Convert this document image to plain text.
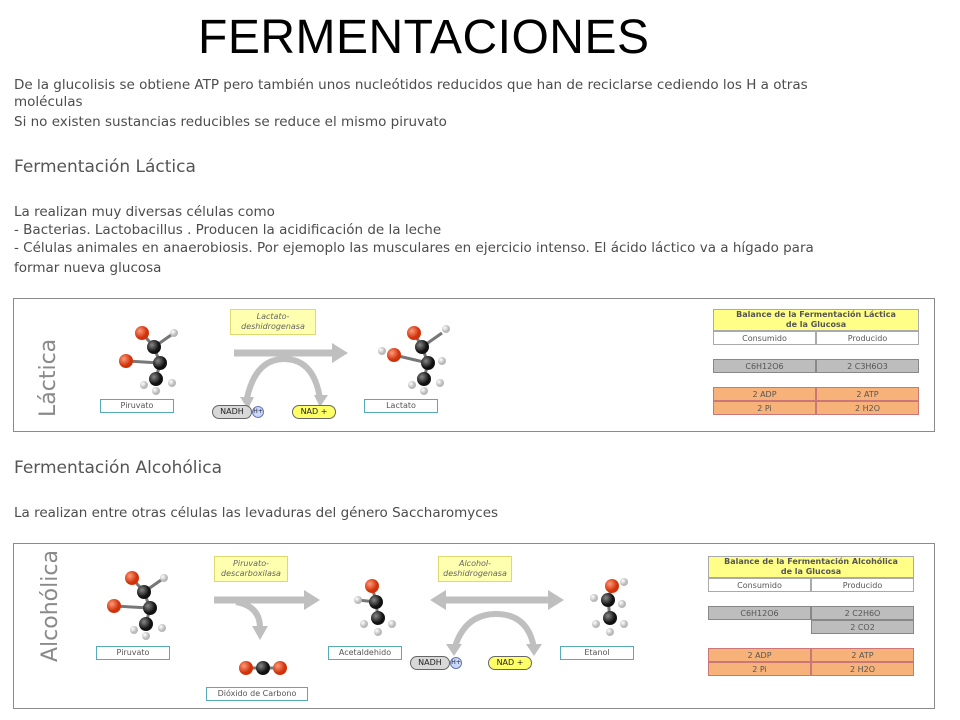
FERMENTACIONES
De la glucolisis se obtiene ATP pero también unos nucleótidos reducidos que han de reciclarse cediendo los H a otras
moléculas
Si no existen sustancias reducibles se reduce el mismo piruvato
Fermentación Láctica
La realizan muy diversas células como
- Bacterias. Lactobacillus . Producen la acidificación de la leche
- Células animales en anaerobiosis. Por ejemoplo las musculares en ejercicio intenso. El ácido láctico va a hígado para
formar nueva glucosa
Láctica
Lactato-
deshidrogenasa
Piruvato	Lactato
NADH	H+	NAD +
Balance de la Fermentación Láctica
de la Glucosa	
Consumido	Producido

C6H12O6	2 C3H6O3

2 ADP	2 ATP
2 Pi	2 H2O
Fermentación Alcohólica
La realizan entre otras células las levaduras del género Saccharomyces
Alcohólica	Piruvato-
descarboxilasa
Alcohol-
deshidrogenasa
Piruvato	Acetaldehido	Etanol
Dióxido de Carbono
NADH	H+	NAD +
Balance de la Fermentación Alcohólica
de la Glucosa	
Consumido	Producido

C6H12O6	2 C2H6O
	2 CO2

2 ADP	2 ATP
2 Pi	2 H2O
